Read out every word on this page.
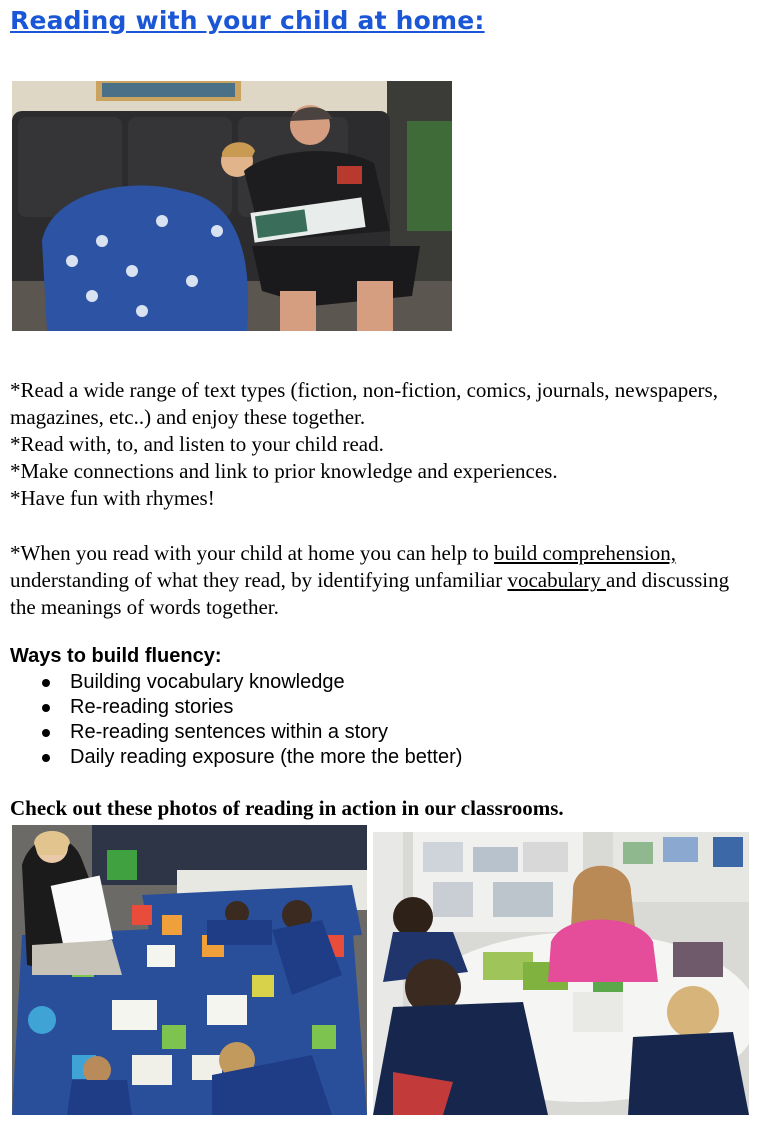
Reading with your child at home:

*Read a wide range of text types (fiction, non-fiction, comics, journals, newspapers, magazines, etc..) and enjoy these together.

*Read with, to, and listen to your child read.

*Make connections and link to prior knowledge and experiences.

*Have fun with rhymes!

*When you read with your child at home you can help to build comprehension, understanding of what they read, by identifying unfamiliar vocabulary and discussing the meanings of words together.

Ways to build fluency:
Building vocabulary knowledge
Re-reading stories
Re-reading sentences within a story
Daily reading exposure (the more the better)
Check out these photos of reading in action in our classrooms.
